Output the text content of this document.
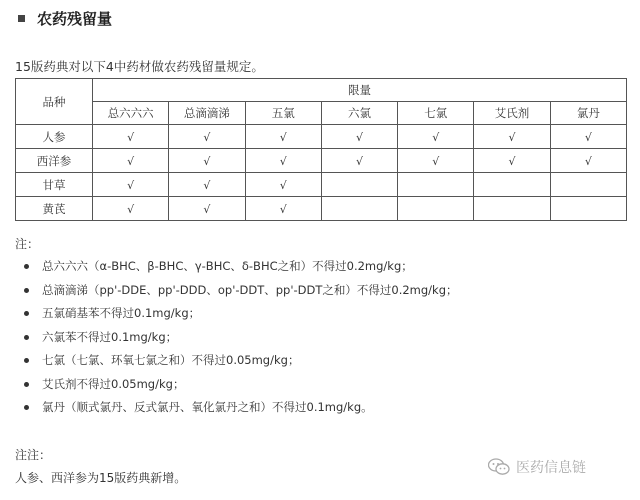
农药残留量
15版药典对以下4中药材做农药残留量规定。
品种	限量						
	总六六六	总滴滴涕	五氯	六氯	七氯	艾氏剂	氯丹
人参	√	√	√	√	√	√	√
西洋参	√	√	√	√	√	√	√
甘草	√	√	√				
黄芪	√	√	√				
注：
总六六六（α-BHC、β-BHC、γ-BHC、δ-BHC之和）不得过0.2mg/kg；
总滴滴涕（pp'-DDE、pp'-DDD、op'-DDT、pp'-DDT之和）不得过0.2mg/kg；
五氯硝基苯不得过0.1mg/kg；
六氯苯不得过0.1mg/kg；
七氯（七氯、环氧七氯之和）不得过0.05mg/kg；
艾氏剂不得过0.05mg/kg；
氯丹（顺式氯丹、反式氯丹、氧化氯丹之和）不得过0.1mg/kg。
注注：
人参、西洋参为15版药典新增。
医药信息链
